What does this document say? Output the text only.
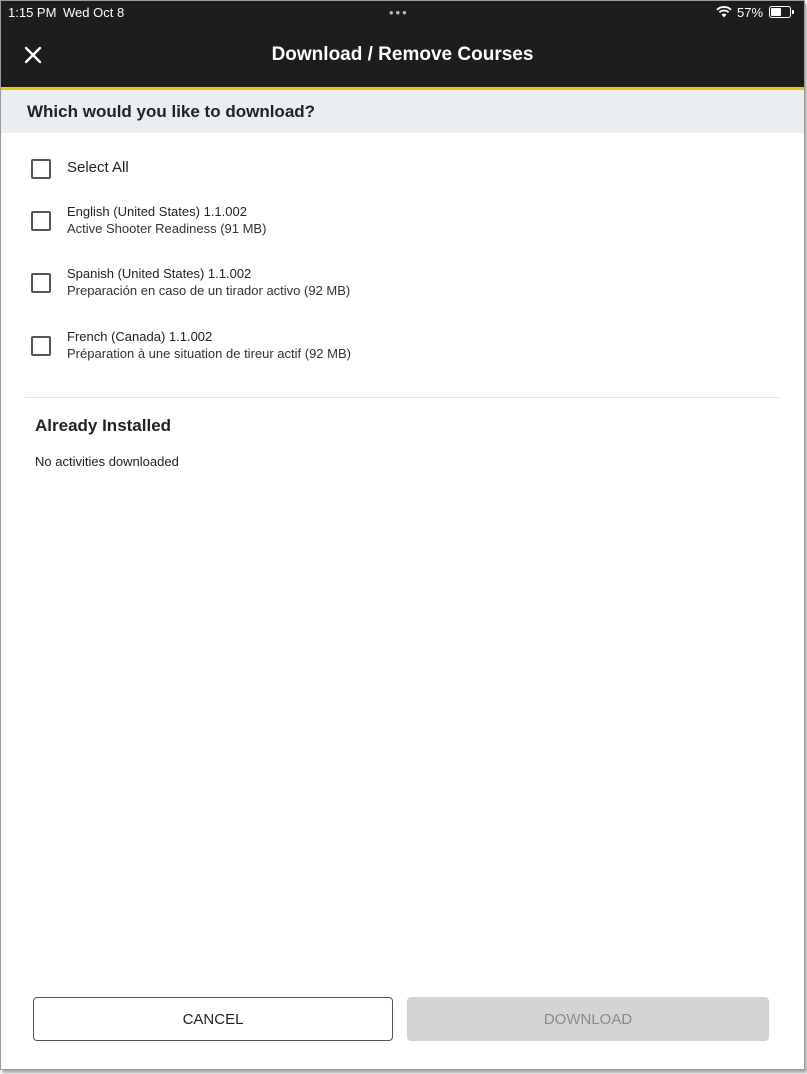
1:15 PM Wed Oct 8	•••	57%
Download / Remove Courses
Which would you like to download?
Select All
English (United States) 1.1.002
Active Shooter Readiness (91 MB)
Spanish (United States) 1.1.002
Preparación en caso de un tirador activo (92 MB)
French (Canada) 1.1.002
Préparation à une situation de tireur actif (92 MB)
Already Installed
No activities downloaded
CANCEL	DOWNLOAD
